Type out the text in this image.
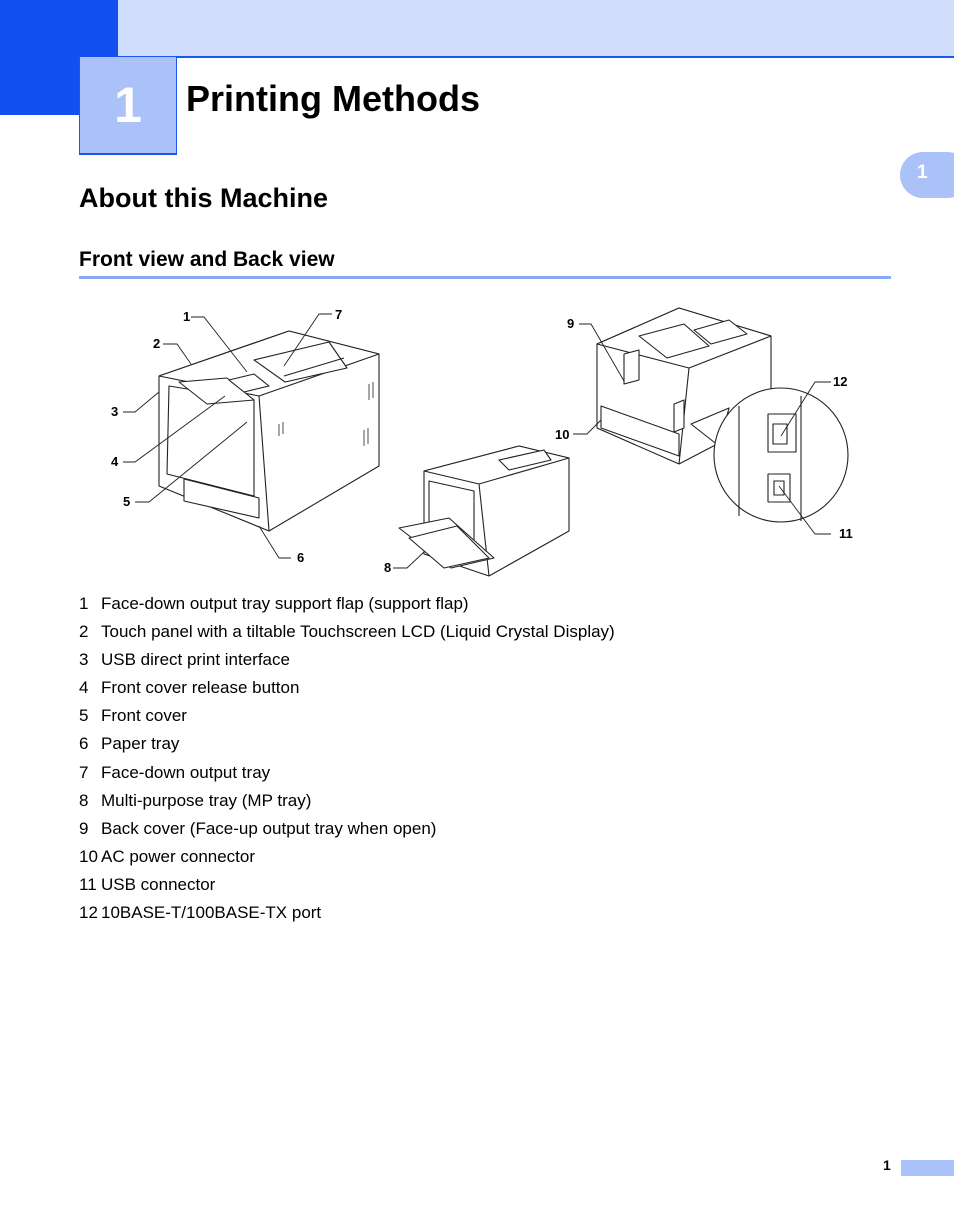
1 Printing Methods
1
About this Machine
Front view and Back view
1
2
3
4
5
6
7
8
9
10
11
12
1 Face-down output tray support flap (support flap)
2 Touch panel with a tiltable Touchscreen LCD (Liquid Crystal Display)
3 USB direct print interface
4 Front cover release button
5 Front cover
6 Paper tray
7 Face-down output tray
8 Multi-purpose tray (MP tray)
9 Back cover (Face-up output tray when open)
10 AC power connector
11 USB connector
12 10BASE-T/100BASE-TX port
1
